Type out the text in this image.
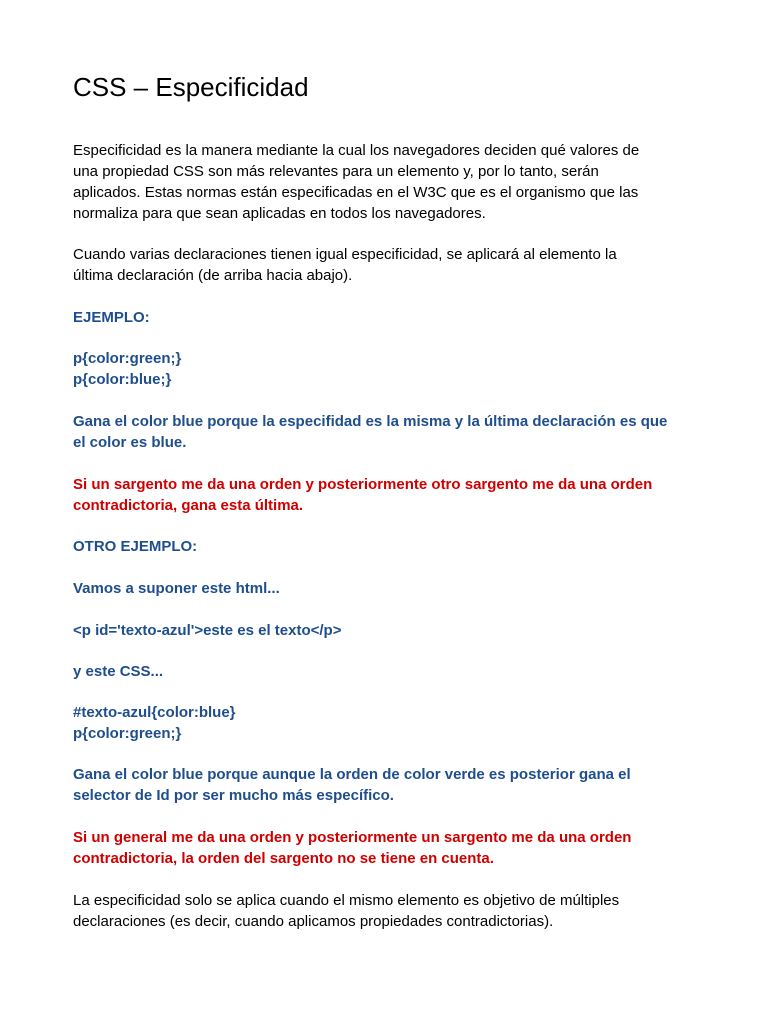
CSS – Especificidad

Especificidad es la manera mediante la cual los navegadores deciden qué valores de
una propiedad CSS son más relevantes para un elemento y, por lo tanto, serán
aplicados. Estas normas están especificadas en el W3C que es el organismo que las
normaliza para que sean aplicadas en todos los navegadores.

Cuando varias declaraciones tienen igual especificidad, se aplicará al elemento la
última declaración (de arriba hacia abajo).

EJEMPLO:

p{color:green;}
p{color:blue;}

Gana el color blue porque la especifidad es la misma y la última declaración es que
el color es blue.

Si un sargento me da una orden y posteriormente otro sargento me da una orden
contradictoria, gana esta última.

OTRO EJEMPLO:

Vamos a suponer este html...

<p id='texto-azul'>este es el texto</p>

y este CSS...

#texto-azul{color:blue}
p{color:green;}

Gana el color blue porque aunque la orden de color verde es posterior gana el
selector de Id por ser mucho más específico.

Si un general me da una orden y posteriormente un sargento me da una orden
contradictoria, la orden del sargento no se tiene en cuenta.

La especificidad solo se aplica cuando el mismo elemento es objetivo de múltiples
declaraciones (es decir, cuando aplicamos propiedades contradictorias).
